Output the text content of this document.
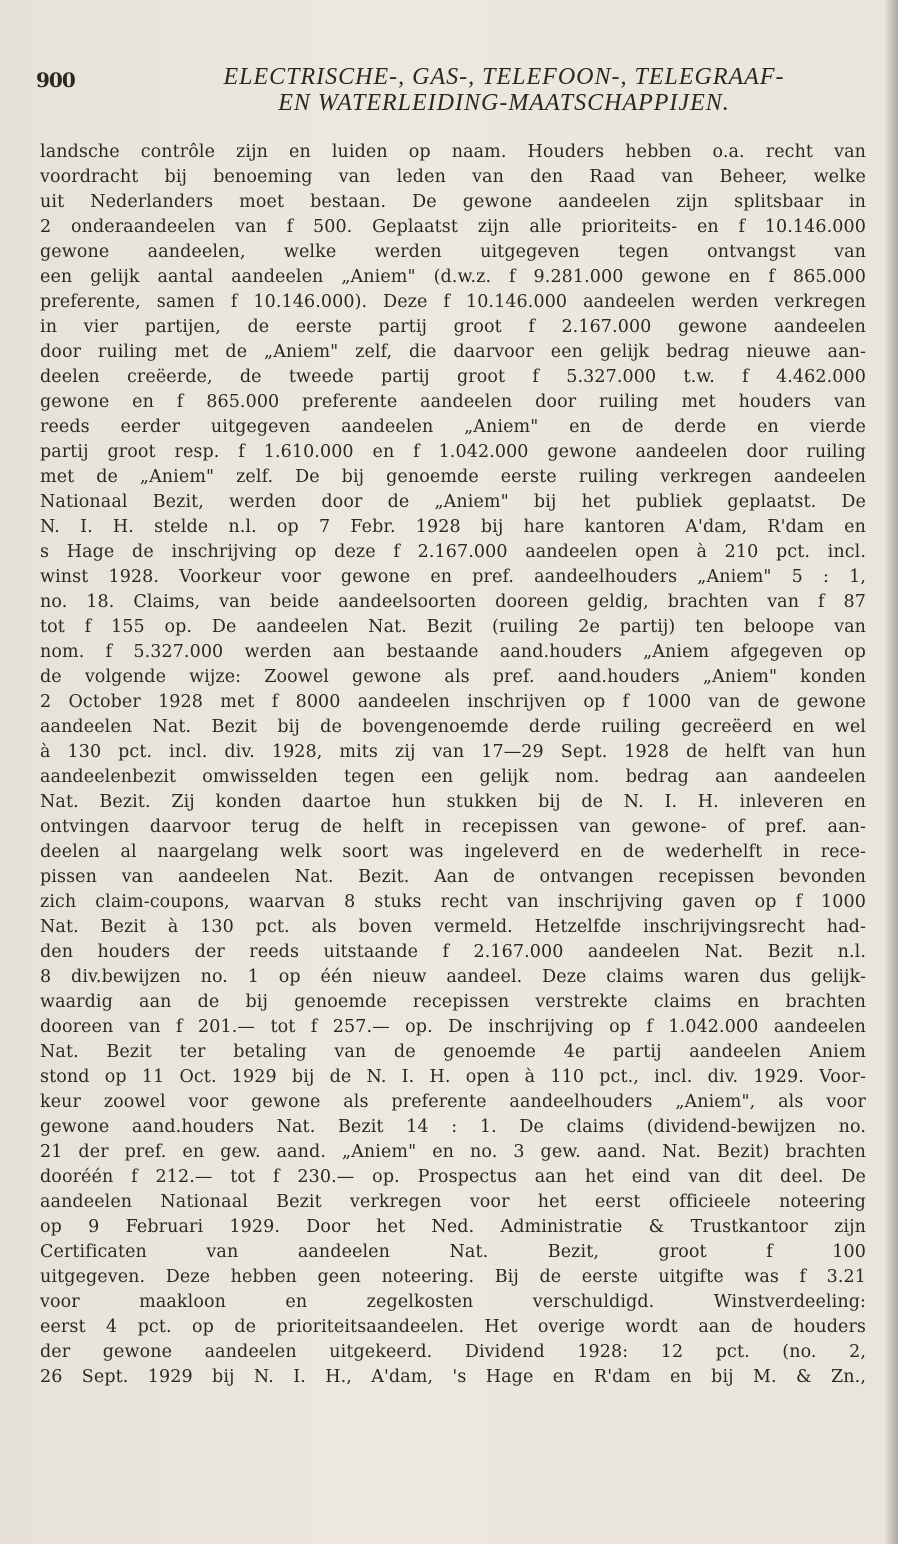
900	ELECTRISCHE-, GAS-, TELEFOON-, TELEGRAAF-
EN WATERLEIDING-MAATSCHAPPIJEN.
landsche contrôle zijn en luiden op naam. Houders hebben o.a. recht van
voordracht bij benoeming van leden van den Raad van Beheer, welke
uit Nederlanders moet bestaan. De gewone aandeelen zijn splitsbaar in
2 onderaandeelen van f 500. Geplaatst zijn alle prioriteits- en f 10.146.000
gewone aandeelen, welke werden uitgegeven tegen ontvangst van
een gelijk aantal aandeelen „Aniem" (d.w.z. f 9.281.000 gewone en f 865.000
preferente, samen f 10.146.000). Deze f 10.146.000 aandeelen werden verkregen
in vier partijen, de eerste partij groot f 2.167.000 gewone aandeelen
door ruiling met de „Aniem" zelf, die daarvoor een gelijk bedrag nieuwe aan-
deelen creëerde, de tweede partij groot f 5.327.000 t.w. f 4.462.000
gewone en f 865.000 preferente aandeelen door ruiling met houders van
reeds eerder uitgegeven aandeelen „Aniem" en de derde en vierde
partij groot resp. f 1.610.000 en f 1.042.000 gewone aandeelen door ruiling
met de „Aniem" zelf. De bij genoemde eerste ruiling verkregen aandeelen
Nationaal Bezit, werden door de „Aniem" bij het publiek geplaatst. De
N. I. H. stelde n.l. op 7 Febr. 1928 bij hare kantoren A'dam, R'dam en
s Hage de inschrijving op deze f 2.167.000 aandeelen open à 210 pct. incl.
winst 1928. Voorkeur voor gewone en pref. aandeelhouders „Aniem" 5 : 1,
no. 18. Claims, van beide aandeelsoorten dooreen geldig, brachten van f 87
tot f 155 op. De aandeelen Nat. Bezit (ruiling 2e partij) ten beloope van
nom. f 5.327.000 werden aan bestaande aand.houders „Aniem afgegeven op
de volgende wijze: Zoowel gewone als pref. aand.houders „Aniem" konden
2 October 1928 met f 8000 aandeelen inschrijven op f 1000 van de gewone
aandeelen Nat. Bezit bij de bovengenoemde derde ruiling gecreëerd en wel
à 130 pct. incl. div. 1928, mits zij van 17—29 Sept. 1928 de helft van hun
aandeelenbezit omwisselden tegen een gelijk nom. bedrag aan aandeelen
Nat. Bezit. Zij konden daartoe hun stukken bij de N. I. H. inleveren en
ontvingen daarvoor terug de helft in recepissen van gewone- of pref. aan-
deelen al naargelang welk soort was ingeleverd en de wederhelft in rece-
pissen van aandeelen Nat. Bezit. Aan de ontvangen recepissen bevonden
zich claim-coupons, waarvan 8 stuks recht van inschrijving gaven op f 1000
Nat. Bezit à 130 pct. als boven vermeld. Hetzelfde inschrijvingsrecht had-
den houders der reeds uitstaande f 2.167.000 aandeelen Nat. Bezit n.l.
8 div.bewijzen no. 1 op één nieuw aandeel. Deze claims waren dus gelijk-
waardig aan de bij genoemde recepissen verstrekte claims en brachten
dooreen van f 201.— tot f 257.— op. De inschrijving op f 1.042.000 aandeelen
Nat. Bezit ter betaling van de genoemde 4e partij aandeelen Aniem
stond op 11 Oct. 1929 bij de N. I. H. open à 110 pct., incl. div. 1929. Voor-
keur zoowel voor gewone als preferente aandeelhouders „Aniem", als voor
gewone aand.houders Nat. Bezit 14 : 1. De claims (dividend-bewijzen no.
21 der pref. en gew. aand. „Aniem" en no. 3 gew. aand. Nat. Bezit) brachten
dooréén f 212.— tot f 230.— op. Prospectus aan het eind van dit deel. De
aandeelen Nationaal Bezit verkregen voor het eerst officieele noteering
op 9 Februari 1929. Door het Ned. Administratie & Trustkantoor zijn
Certificaten van aandeelen Nat. Bezit, groot f 100
uitgegeven. Deze hebben geen noteering. Bij de eerste uitgifte was f 3.21
voor maakloon en zegelkosten verschuldigd. Winstverdeeling:
eerst 4 pct. op de prioriteitsaandeelen. Het overige wordt aan de houders
der gewone aandeelen uitgekeerd. Dividend 1928: 12 pct. (no. 2,
26 Sept. 1929 bij N. I. H., A'dam, 's Hage en R'dam en bij M. & Zn.,
